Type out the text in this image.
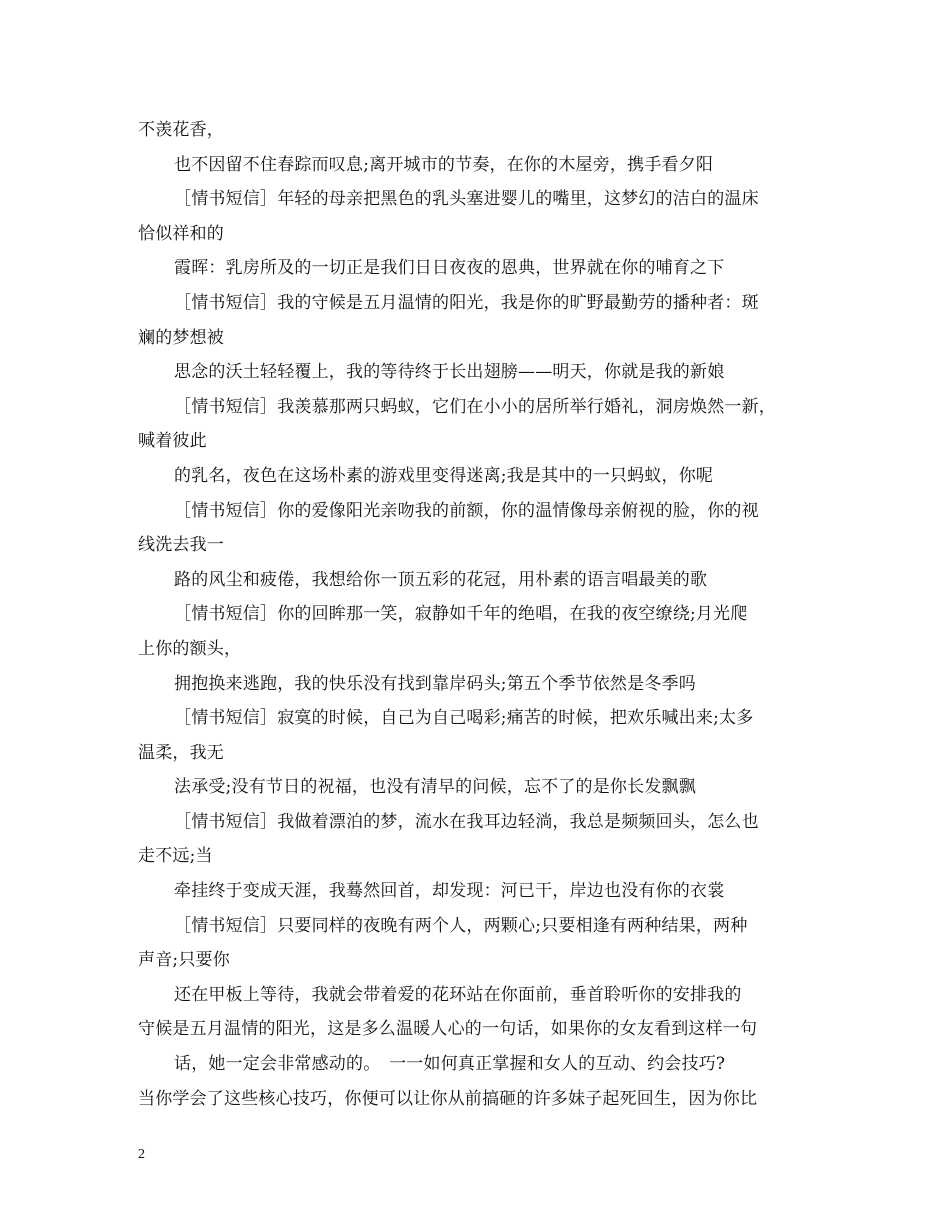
不羡花香，
也不因留不住春踪而叹息;离开城市的节奏，在你的木屋旁，携手看夕阳
［情书短信］年轻的母亲把黑色的乳头塞进婴儿的嘴里，这梦幻的洁白的温床
恰似祥和的
霞晖：乳房所及的一切正是我们日日夜夜的恩典，世界就在你的哺育之下
［情书短信］我的守候是五月温情的阳光，我是你的旷野最勤劳的播种者：斑
斓的梦想被
思念的沃土轻轻覆上，我的等待终于长出翅膀——明天，你就是我的新娘
［情书短信］我羡慕那两只蚂蚁，它们在小小的居所举行婚礼，洞房焕然一新，
喊着彼此
的乳名，夜色在这场朴素的游戏里变得迷离;我是其中的一只蚂蚁，你呢
［情书短信］你的爱像阳光亲吻我的前额，你的温情像母亲俯视的脸，你的视
线洗去我一
路的风尘和疲倦，我想给你一顶五彩的花冠，用朴素的语言唱最美的歌
［情书短信］你的回眸那一笑，寂静如千年的绝唱，在我的夜空缭绕;月光爬
上你的额头，
拥抱换来逃跑，我的快乐没有找到靠岸码头;第五个季节依然是冬季吗
［情书短信］寂寞的时候，自己为自己喝彩;痛苦的时候，把欢乐喊出来;太多
温柔，我无
法承受;没有节日的祝福，也没有清早的问候，忘不了的是你长发飘飘
［情书短信］我做着漂泊的梦，流水在我耳边轻淌，我总是频频回头，怎么也
走不远;当
牵挂终于变成天涯，我蓦然回首，却发现：河已干，岸边也没有你的衣裳
［情书短信］只要同样的夜晚有两个人，两颗心;只要相逢有两种结果，两种
声音;只要你
还在甲板上等待，我就会带着爱的花环站在你面前，垂首聆听你的安排我的
守候是五月温情的阳光，这是多么温暖人心的一句话，如果你的女友看到这样一句
话，她一定会非常感动的。　一一如何真正掌握和女人的互动、约会技巧?
当你学会了这些核心技巧，你便可以让你从前搞砸的许多妹子起死回生，因为你比
2
